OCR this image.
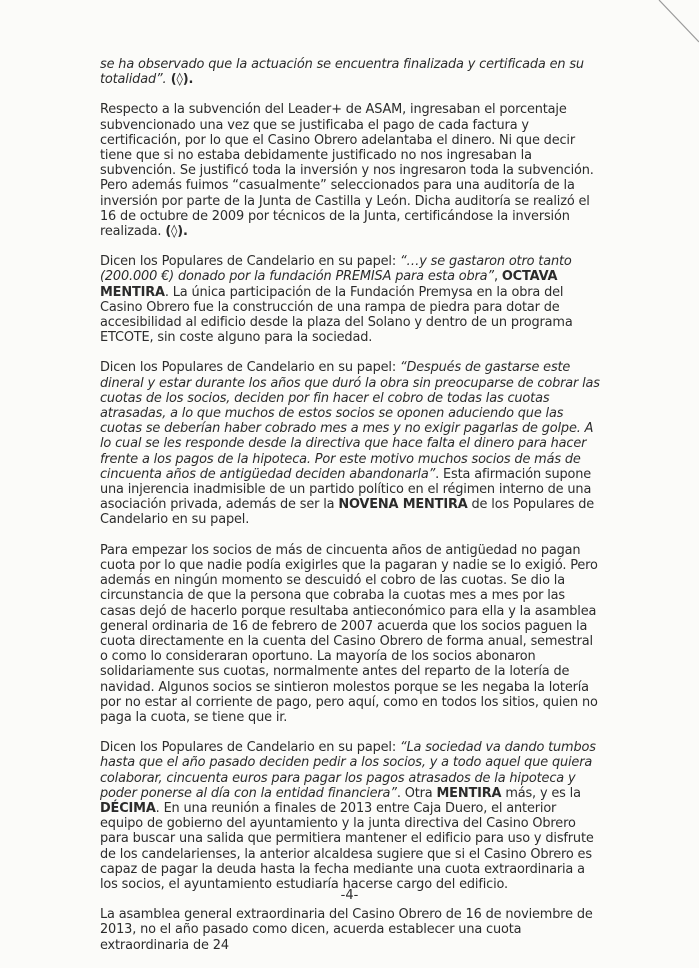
se ha observado que la actuación se encuentra finalizada y certificada en su totalidad”. (◊).

Respecto a la subvención del Leader+ de ASAM, ingresaban el porcentaje subvencionado una vez que se justificaba el pago de cada factura y certificación, por lo que el Casino Obrero adelantaba el dinero. Ni que decir tiene que si no estaba debidamente justificado no nos ingresaban la subvención. Se justificó toda la inversión y nos ingresaron toda la subvención. Pero además fuimos “casualmente” seleccionados para una auditoría de la inversión por parte de la Junta de Castilla y León. Dicha auditoría se realizó el 16 de octubre de 2009 por técnicos de la Junta, certificándose la inversión realizada. (◊).

Dicen los Populares de Candelario en su papel: “…y se gastaron otro tanto (200.000 €) donado por la fundación PREMISA para esta obra”, OCTAVA MENTIRA. La única participación de la Fundación Premysa en la obra del Casino Obrero fue la construcción de una rampa de piedra para dotar de accesibilidad al edificio desde la plaza del Solano y dentro de un programa ETCOTE, sin coste alguno para la sociedad.

Dicen los Populares de Candelario en su papel: “Después de gastarse este dineral y estar durante los años que duró la obra sin preocuparse de cobrar las cuotas de los socios, deciden por fin hacer el cobro de todas las cuotas atrasadas, a lo que muchos de estos socios se oponen aduciendo que las cuotas se deberían haber cobrado mes a mes y no exigir pagarlas de golpe. A lo cual se les responde desde la directiva que hace falta el dinero para hacer frente a los pagos de la hipoteca. Por este motivo muchos socios de más de cincuenta años de antigüedad deciden abandonarla”. Esta afirmación supone una injerencia inadmisible de un partido político en el régimen interno de una asociación privada, además de ser la NOVENA MENTIRA de los Populares de Candelario en su papel.

Para empezar los socios de más de cincuenta años de antigüedad no pagan cuota por lo que nadie podía exigirles que la pagaran y nadie se lo exigió. Pero además en ningún momento se descuidó el cobro de las cuotas. Se dio la circunstancia de que la persona que cobraba la cuotas mes a mes por las casas dejó de hacerlo porque resultaba antieconómico para ella y la asamblea general ordinaria de 16 de febrero de 2007 acuerda que los socios paguen la cuota directamente en la cuenta del Casino Obrero de forma anual, semestral o como lo consideraran oportuno. La mayoría de los socios abonaron solidariamente sus cuotas, normalmente antes del reparto de la lotería de navidad. Algunos socios se sintieron molestos porque se les negaba la lotería por no estar al corriente de pago, pero aquí, como en todos los sitios, quien no paga la cuota, se tiene que ir.

Dicen los Populares de Candelario en su papel: “La sociedad va dando tumbos hasta que el año pasado deciden pedir a los socios, y a todo aquel que quiera colaborar, cincuenta euros para pagar los pagos atrasados de la hipoteca y poder ponerse al día con la entidad financiera”. Otra MENTIRA más, y es la DÉCIMA. En una reunión a finales de 2013 entre Caja Duero, el anterior equipo de gobierno del ayuntamiento y la junta directiva del Casino Obrero para buscar una salida que permitiera mantener el edificio para uso y disfrute de los candelarienses, la anterior alcaldesa sugiere que si el Casino Obrero es capaz de pagar la deuda hasta la fecha mediante una cuota extraordinaria a los socios, el ayuntamiento estudiaría hacerse cargo del edificio.

La asamblea general extraordinaria del Casino Obrero de 16 de noviembre de 2013, no el año pasado como dicen, acuerda establecer una cuota extraordinaria de 24

-4-
